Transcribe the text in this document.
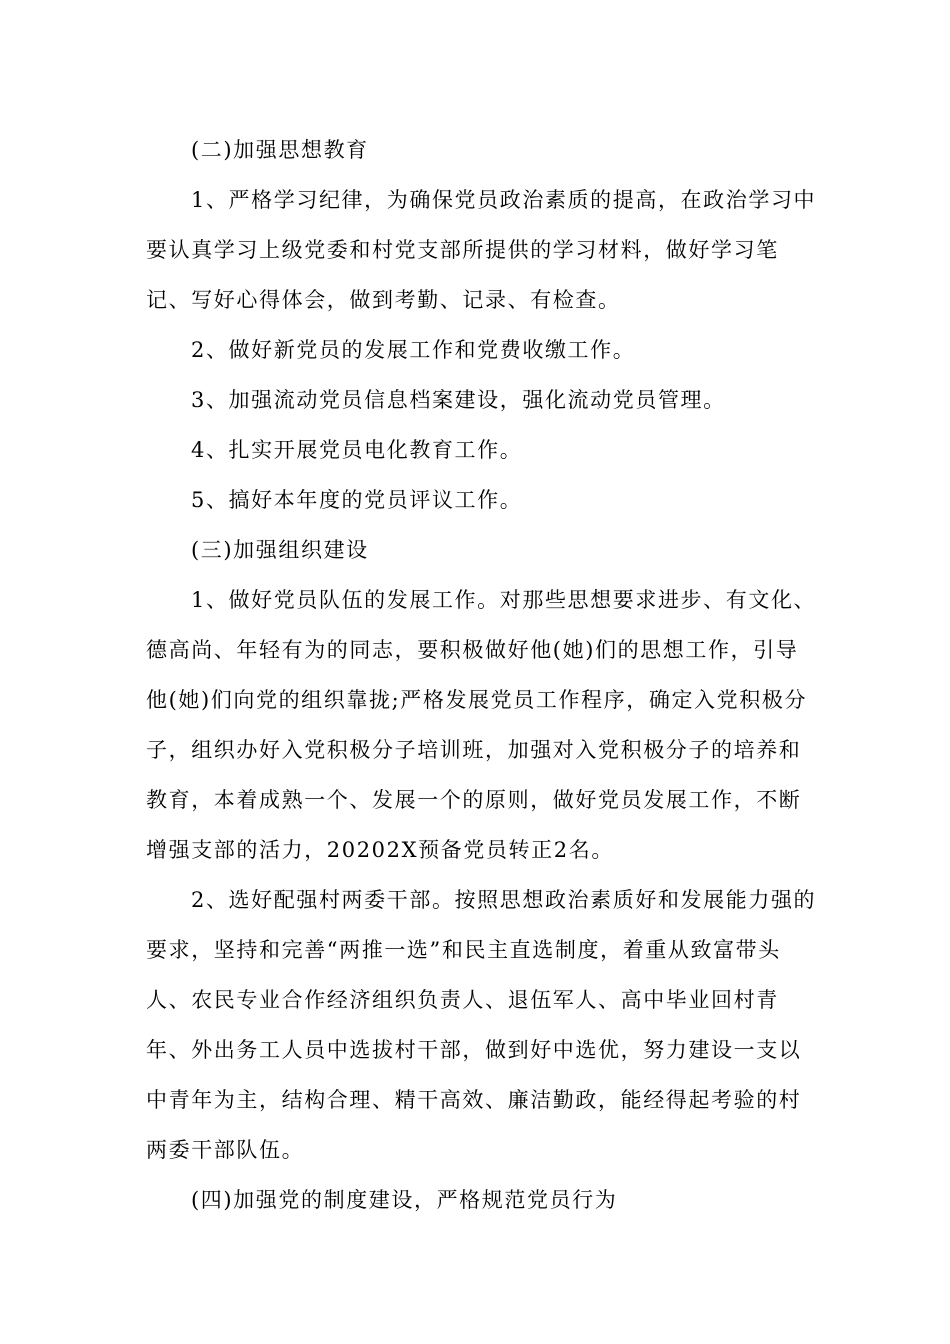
(二)加强思想教育
1、严格学习纪律，为确保党员政治素质的提高，在政治学习中
要认真学习上级党委和村党支部所提供的学习材料，做好学习笔
记、写好心得体会，做到考勤、记录、有检查。
2、做好新党员的发展工作和党费收缴工作。
3、加强流动党员信息档案建设，强化流动党员管理。
4、扎实开展党员电化教育工作。
5、搞好本年度的党员评议工作。
(三)加强组织建设
1、做好党员队伍的发展工作。对那些思想要求进步、有文化、
德高尚、年轻有为的同志，要积极做好他(她)们的思想工作，引导
他(她)们向党的组织靠拢;严格发展党员工作程序，确定入党积极分
子，组织办好入党积极分子培训班，加强对入党积极分子的培养和
教育，本着成熟一个、发展一个的原则，做好党员发展工作，不断
增强支部的活力，20202X预备党员转正2名。
2、选好配强村两委干部。按照思想政治素质好和发展能力强的
要求，坚持和完善“两推一选”和民主直选制度，着重从致富带头
人、农民专业合作经济组织负责人、退伍军人、高中毕业回村青
年、外出务工人员中选拔村干部，做到好中选优，努力建设一支以
中青年为主，结构合理、精干高效、廉洁勤政，能经得起考验的村
两委干部队伍。
(四)加强党的制度建设，严格规范党员行为
